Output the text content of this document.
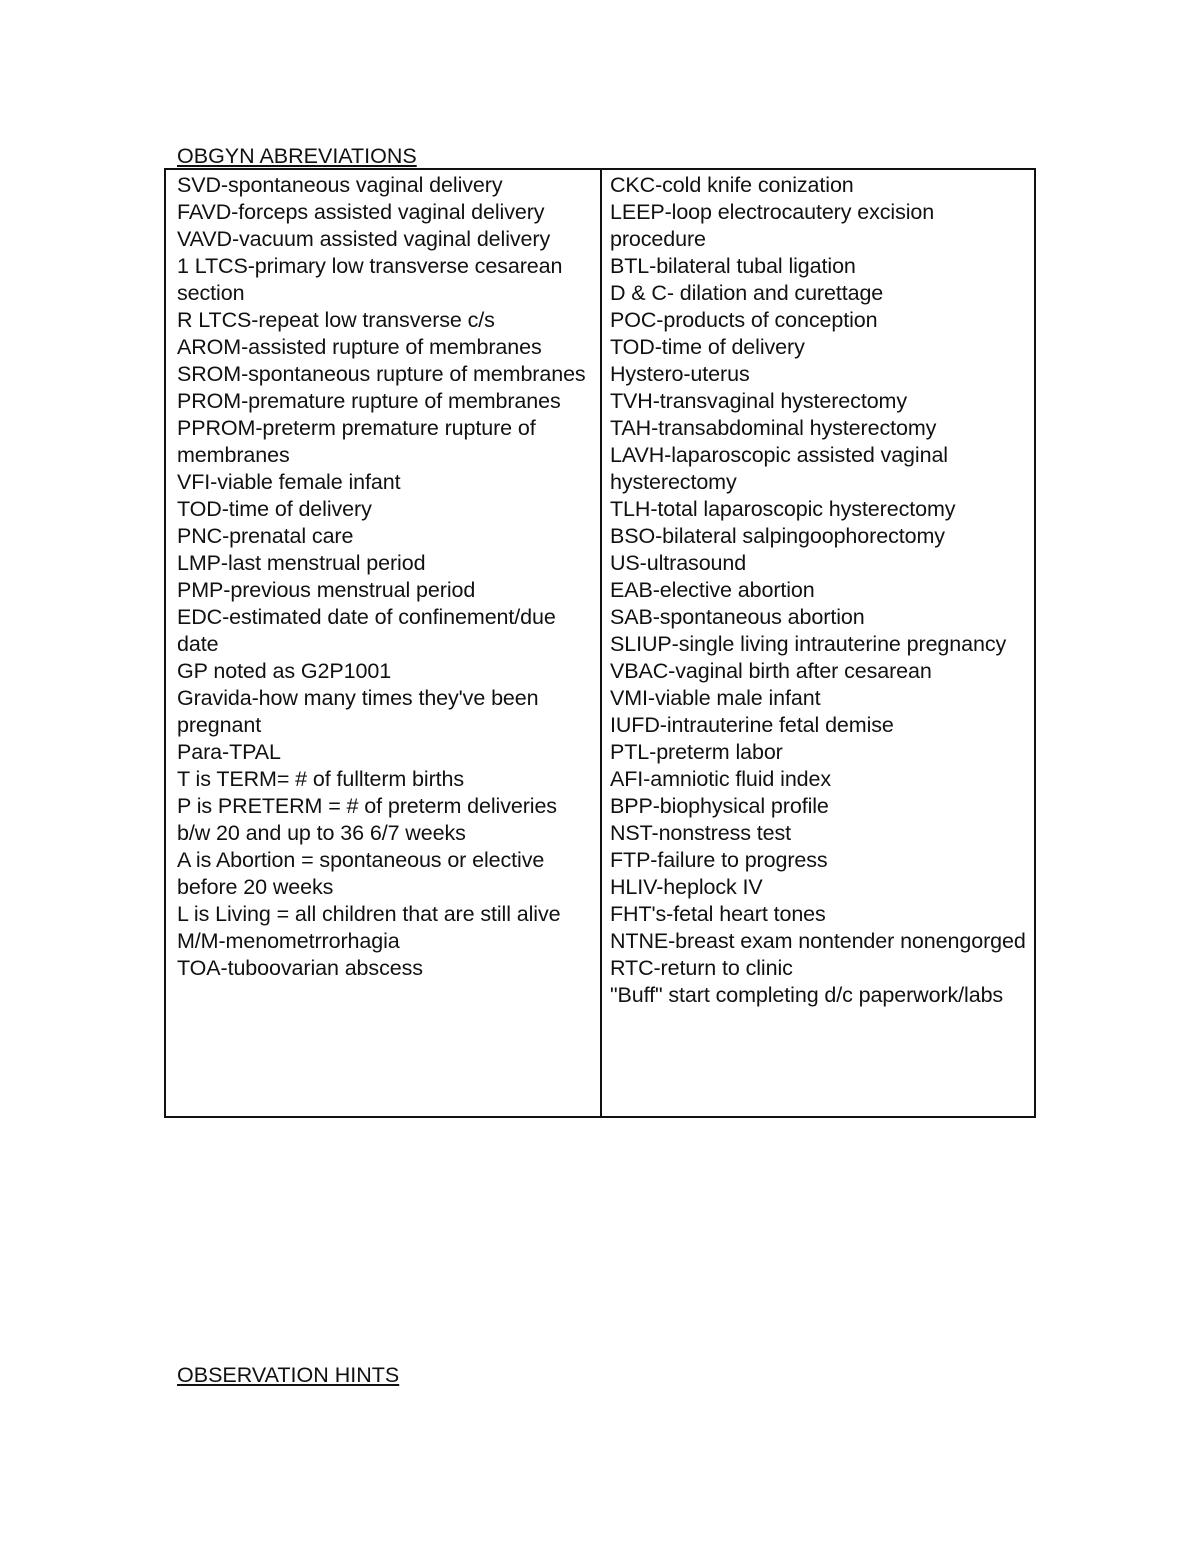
OBGYN ABREVIATIONS
SVD-spontaneous vaginal delivery
FAVD-forceps assisted vaginal delivery
VAVD-vacuum assisted vaginal delivery
1 LTCS-primary low transverse cesarean section
R LTCS-repeat low transverse c/s
AROM-assisted rupture of membranes
SROM-spontaneous rupture of membranes
PROM-premature rupture of membranes
PPROM-preterm premature rupture of membranes
VFI-viable female infant
TOD-time of delivery
PNC-prenatal care
LMP-last menstrual period
PMP-previous menstrual period
EDC-estimated date of confinement/due date
GP noted as G2P1001
Gravida-how many times they've been pregnant
Para-TPAL
T is TERM= # of fullterm births
P is PRETERM = # of preterm deliveries b/w 20 and up to 36 6/7 weeks
A is Abortion = spontaneous or elective before 20 weeks
L is Living = all children that are still alive
M/M-menometrrorhagia
TOA-tuboovarian abscess
CKC-cold knife conization
LEEP-loop electrocautery excision procedure
BTL-bilateral tubal ligation
D & C- dilation and curettage
POC-products of conception
TOD-time of delivery
Hystero-uterus
TVH-transvaginal hysterectomy
TAH-transabdominal hysterectomy
LAVH-laparoscopic assisted vaginal hysterectomy
TLH-total laparoscopic hysterectomy
BSO-bilateral salpingoophorectomy
US-ultrasound
EAB-elective abortion
SAB-spontaneous abortion
SLIUP-single living intrauterine pregnancy
VBAC-vaginal birth after cesarean
VMI-viable male infant
IUFD-intrauterine fetal demise
PTL-preterm labor
AFI-amniotic fluid index
BPP-biophysical profile
NST-nonstress test
FTP-failure to progress
HLIV-heplock IV
FHT's-fetal heart tones
NTNE-breast exam nontender nonengorged
RTC-return to clinic
"Buff" start completing d/c paperwork/labs
OBSERVATION HINTS
